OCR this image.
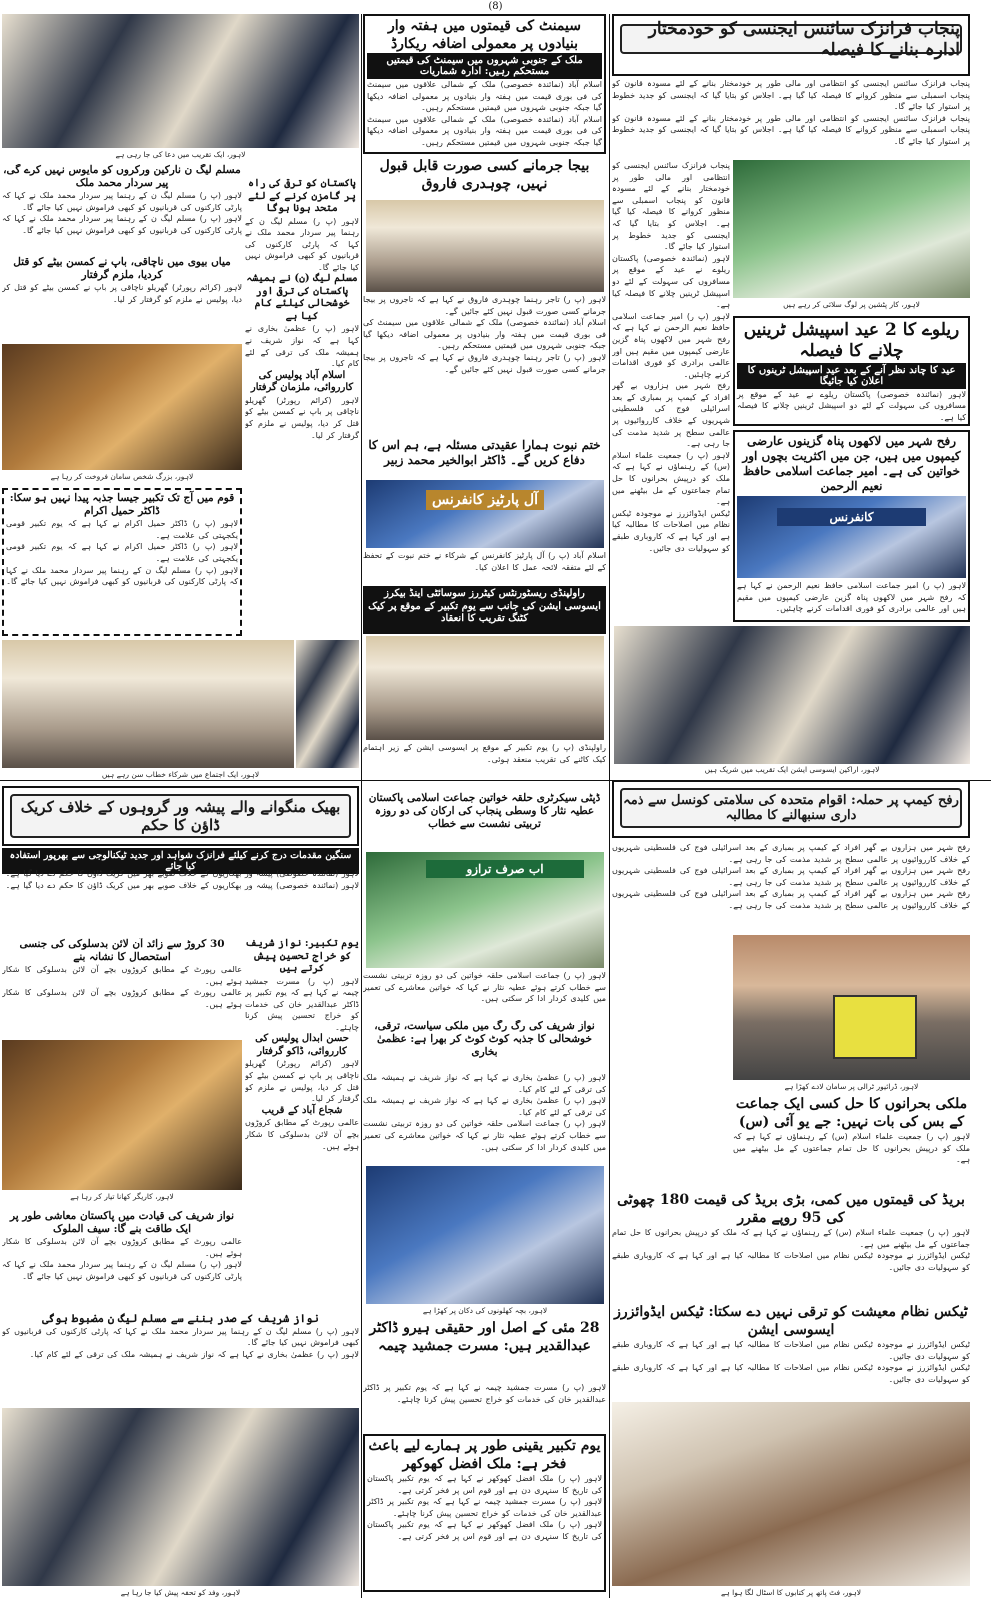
(8)
پنجاب فرانزک سائنس ایجنسی کو خودمختار ادارہ بنانے کا فیصلہ
پنجاب فرانزک سائنس ایجنسی کو انتظامی اور مالی طور پر خودمختار بنانے کے لئے مسودہ قانون کو پنجاب اسمبلی سے منظور کروانے کا فیصلہ کیا گیا ہے۔ اجلاس کو بتایا گیا کہ ایجنسی کو جدید خطوط پر استوار کیا جائے گا۔
پنجاب فرانزک سائنس ایجنسی کو انتظامی اور مالی طور پر خودمختار بنانے کے لئے مسودہ قانون کو پنجاب اسمبلی سے منظور کروانے کا فیصلہ کیا گیا ہے۔ اجلاس کو بتایا گیا کہ ایجنسی کو جدید خطوط پر استوار کیا جائے گا۔
پنجاب فرانزک سائنس ایجنسی کو انتظامی اور مالی طور پر خودمختار بنانے کے لئے مسودہ قانون کو پنجاب اسمبلی سے منظور کروانے کا فیصلہ کیا گیا ہے۔ اجلاس کو بتایا گیا کہ ایجنسی کو جدید خطوط پر استوار کیا جائے گا۔
لاہور (نمائندہ خصوصی) پاکستان ریلوے نے عید کے موقع پر مسافروں کی سہولت کے لئے دو اسپیشل ٹرینیں چلانے کا فیصلہ کیا ہے۔
لاہور (پ ر) امیر جماعت اسلامی حافظ نعیم الرحمن نے کہا ہے کہ رفح شہر میں لاکھوں پناہ گزین عارضی کیمپوں میں مقیم ہیں اور عالمی برادری کو فوری اقدامات کرنے چاہئیں۔
رفح شہر میں ہزاروں بے گھر افراد کے کیمپ پر بمباری کے بعد اسرائیلی فوج کی فلسطینی شہریوں کے خلاف کارروائیوں پر عالمی سطح پر شدید مذمت کی جا رہی ہے۔
لاہور (پ ر) جمعیت علماء اسلام (س) کے رہنماؤں نے کہا ہے کہ ملک کو درپیش بحرانوں کا حل تمام جماعتوں کے مل بیٹھنے میں ہے۔
ٹیکس ایڈوائزرز نے موجودہ ٹیکس نظام میں اصلاحات کا مطالبہ کیا ہے اور کہا ہے کہ کاروباری طبقے کو سہولیات دی جائیں۔
لاہور، کار پٹشین پر لوگ سلائی کر رہے ہیں
ریلوے کا 2 عید اسپیشل ٹرینیں چلانے کا فیصلہ
عید کا چاند نظر آنے کے بعد عید اسپیشل ٹرینوں کا اعلان کیا جائیگا
لاہور (نمائندہ خصوصی) پاکستان ریلوے نے عید کے موقع پر مسافروں کی سہولت کے لئے دو اسپیشل ٹرینیں چلانے کا فیصلہ کیا ہے۔
رفح شہر میں لاکھوں پناہ گزینوں عارضی کیمپوں میں ہیں، جن میں اکثریت بچوں اور خواتین کی ہے۔ امیر جماعت اسلامی حافظ نعیم الرحمن
کانفرنس
لاہور (پ ر) امیر جماعت اسلامی حافظ نعیم الرحمن نے کہا ہے کہ رفح شہر میں لاکھوں پناہ گزین عارضی کیمپوں میں مقیم ہیں اور عالمی برادری کو فوری اقدامات کرنے چاہئیں۔
لاہور، اراکین ایسوسی ایشن ایک تقریب میں شریک ہیں
رفح کیمپ پر حملہ: اقوام متحدہ کی سلامتی کونسل سے ذمہ داری سنبھالنے کا مطالبہ
رفح شہر میں ہزاروں بے گھر افراد کے کیمپ پر بمباری کے بعد اسرائیلی فوج کی فلسطینی شہریوں کے خلاف کارروائیوں پر عالمی سطح پر شدید مذمت کی جا رہی ہے۔
رفح شہر میں ہزاروں بے گھر افراد کے کیمپ پر بمباری کے بعد اسرائیلی فوج کی فلسطینی شہریوں کے خلاف کارروائیوں پر عالمی سطح پر شدید مذمت کی جا رہی ہے۔
رفح شہر میں ہزاروں بے گھر افراد کے کیمپ پر بمباری کے بعد اسرائیلی فوج کی فلسطینی شہریوں کے خلاف کارروائیوں پر عالمی سطح پر شدید مذمت کی جا رہی ہے۔
لاہور، ڈرائیور ٹرالی پر سامان لادے کھڑا ہے
ملکی بحرانوں کا حل کسی ایک جماعت کے بس کی بات نہیں: جے یو آئی (س)
لاہور (پ ر) جمعیت علماء اسلام (س) کے رہنماؤں نے کہا ہے کہ ملک کو درپیش بحرانوں کا حل تمام جماعتوں کے مل بیٹھنے میں ہے۔
بریڈ کی قیمتوں میں کمی، بڑی بریڈ کی قیمت 180 چھوٹی کی 95 روپے مقرر
لاہور (پ ر) جمعیت علماء اسلام (س) کے رہنماؤں نے کہا ہے کہ ملک کو درپیش بحرانوں کا حل تمام جماعتوں کے مل بیٹھنے میں ہے۔
ٹیکس ایڈوائزرز نے موجودہ ٹیکس نظام میں اصلاحات کا مطالبہ کیا ہے اور کہا ہے کہ کاروباری طبقے کو سہولیات دی جائیں۔
ٹیکس نظام معیشت کو ترقی نہیں دے سکتا: ٹیکس ایڈوائزرز ایسوسی ایشن
ٹیکس ایڈوائزرز نے موجودہ ٹیکس نظام میں اصلاحات کا مطالبہ کیا ہے اور کہا ہے کہ کاروباری طبقے کو سہولیات دی جائیں۔
ٹیکس ایڈوائزرز نے موجودہ ٹیکس نظام میں اصلاحات کا مطالبہ کیا ہے اور کہا ہے کہ کاروباری طبقے کو سہولیات دی جائیں۔
لاہور، فٹ پاتھ پر کتابوں کا اسٹال لگا ہوا ہے
سیمنٹ کی قیمتوں میں ہفتہ وار بنیادوں پر معمولی اضافہ ریکارڈ
ملک کے جنوبی شہروں میں سیمنٹ کی قیمتیں مستحکم رہیں: ادارہ شماریات
اسلام آباد (نمائندہ خصوصی) ملک کے شمالی علاقوں میں سیمنٹ کی فی بوری قیمت میں ہفتہ وار بنیادوں پر معمولی اضافہ دیکھا گیا جبکہ جنوبی شہروں میں قیمتیں مستحکم رہیں۔
اسلام آباد (نمائندہ خصوصی) ملک کے شمالی علاقوں میں سیمنٹ کی فی بوری قیمت میں ہفتہ وار بنیادوں پر معمولی اضافہ دیکھا گیا جبکہ جنوبی شہروں میں قیمتیں مستحکم رہیں۔
بیجا جرمانے کسی صورت قابل قبول نہیں، چوہدری فاروق
لاہور (پ ر) تاجر رہنما چوہدری فاروق نے کہا ہے کہ تاجروں پر بیجا جرمانے کسی صورت قبول نہیں کئے جائیں گے۔
اسلام آباد (نمائندہ خصوصی) ملک کے شمالی علاقوں میں سیمنٹ کی فی بوری قیمت میں ہفتہ وار بنیادوں پر معمولی اضافہ دیکھا گیا جبکہ جنوبی شہروں میں قیمتیں مستحکم رہیں۔
لاہور (پ ر) تاجر رہنما چوہدری فاروق نے کہا ہے کہ تاجروں پر بیجا جرمانے کسی صورت قبول نہیں کئے جائیں گے۔
ختم نبوت ہمارا عقیدتی مسئلہ ہے، ہم اس کا دفاع کریں گے۔ ڈاکٹر ابوالخیر محمد زبیر
آل پارٹیز کانفرنس
اسلام آباد (پ ر) آل پارٹیز کانفرنس کے شرکاء نے ختم نبوت کے تحفظ کے لئے متفقہ لائحہ عمل کا اعلان کیا۔
راولپنڈی ریسٹورنٹس کیٹررز سوسائٹی اینڈ بیکرز ایسوسی ایشن کی جانب سے یوم تکبیر کے موقع پر کیک کٹنگ تقریب کا انعقاد
راولپنڈی (پ ر) یوم تکبیر کے موقع پر ایسوسی ایشن کے زیر اہتمام کیک کاٹنے کی تقریب منعقد ہوئی۔
ڈپٹی سیکرٹری حلقہ خواتین جماعت اسلامی پاکستان عطیہ نثار کا وسطی پنجاب کی ارکان کی دو روزہ تربیتی نشست سے خطاب
اب صرف ترازو
لاہور (پ ر) جماعت اسلامی حلقہ خواتین کی دو روزہ تربیتی نشست سے خطاب کرتے ہوئے عطیہ نثار نے کہا کہ خواتین معاشرے کی تعمیر میں کلیدی کردار ادا کر سکتی ہیں۔
نواز شریف کی رگ رگ میں ملکی سیاست، ترقی، خوشحالی کا جذبہ کوٹ کوٹ کر بھرا ہے: عظمیٰ بخاری
لاہور (پ ر) عظمیٰ بخاری نے کہا ہے کہ نواز شریف نے ہمیشہ ملک کی ترقی کے لئے کام کیا۔
لاہور (پ ر) عظمیٰ بخاری نے کہا ہے کہ نواز شریف نے ہمیشہ ملک کی ترقی کے لئے کام کیا۔
لاہور (پ ر) جماعت اسلامی حلقہ خواتین کی دو روزہ تربیتی نشست سے خطاب کرتے ہوئے عطیہ نثار نے کہا کہ خواتین معاشرے کی تعمیر میں کلیدی کردار ادا کر سکتی ہیں۔
لاہور، بچہ کھلونوں کی دکان پر کھڑا ہے
28 مئی کے اصل اور حقیقی ہیرو ڈاکٹر عبدالقدیر ہیں: مسرت جمشید چیمہ
لاہور (پ ر) مسرت جمشید چیمہ نے کہا ہے کہ یوم تکبیر پر ڈاکٹر عبدالقدیر خان کی خدمات کو خراج تحسین پیش کرنا چاہئے۔
یوم تکبیر یقینی طور پر ہمارے لیے باعث فخر ہے: ملک افضل کھوکھر
لاہور (پ ر) ملک افضل کھوکھر نے کہا ہے کہ یوم تکبیر پاکستان کی تاریخ کا سنہری دن ہے اور قوم اس پر فخر کرتی ہے۔
لاہور (پ ر) مسرت جمشید چیمہ نے کہا ہے کہ یوم تکبیر پر ڈاکٹر عبدالقدیر خان کی خدمات کو خراج تحسین پیش کرنا چاہئے۔
لاہور (پ ر) ملک افضل کھوکھر نے کہا ہے کہ یوم تکبیر پاکستان کی تاریخ کا سنہری دن ہے اور قوم اس پر فخر کرتی ہے۔
پاکستان کو ترقی کی راہ پر گامزن کرنے کے لئے متحد ہونا ہوگا
لاہور (پ ر) مسلم لیگ ن کے رہنما پیر سردار محمد ملک نے کہا کہ پارٹی کارکنوں کی قربانیوں کو کبھی فراموش نہیں کیا جائے گا۔
مسلم لیگ (ن) نے ہمیشہ پاکستان کی ترقی اور خوشحالی کیلئے کام کیا ہے
لاہور (پ ر) عظمیٰ بخاری نے کہا ہے کہ نواز شریف نے ہمیشہ ملک کی ترقی کے لئے کام کیا۔
اسلام آباد پولیس کی کارروائی، ملزمان گرفتار
لاہور (کرائم رپورٹر) گھریلو ناچاقی پر باپ نے کمسن بیٹے کو قتل کر دیا، پولیس نے ملزم کو گرفتار کر لیا۔
یوم تکبیر: نواز شریف کو خراج تحسین پیش کرتے ہیں
لاہور (پ ر) مسرت جمشید چیمہ نے کہا ہے کہ یوم تکبیر پر ڈاکٹر عبدالقدیر خان کی خدمات کو خراج تحسین پیش کرنا چاہئے۔
حسن ابدال پولیس کی کارروائی، ڈاکو گرفتار
لاہور (کرائم رپورٹر) گھریلو ناچاقی پر باپ نے کمسن بیٹے کو قتل کر دیا، پولیس نے ملزم کو گرفتار کر لیا۔
شجاع آباد کے قریب
عالمی رپورٹ کے مطابق کروڑوں بچے آن لائن بدسلوکی کا شکار ہوئے ہیں۔
لاہور، ایک تقریب میں دعا کی جا رہی ہے
مسلم لیگ ن نارکین ورکروں کو مایوس نہیں کرے گی، پیر سردار محمد ملک
لاہور (پ ر) مسلم لیگ ن کے رہنما پیر سردار محمد ملک نے کہا کہ پارٹی کارکنوں کی قربانیوں کو کبھی فراموش نہیں کیا جائے گا۔
لاہور (پ ر) مسلم لیگ ن کے رہنما پیر سردار محمد ملک نے کہا کہ پارٹی کارکنوں کی قربانیوں کو کبھی فراموش نہیں کیا جائے گا۔
میاں بیوی میں ناچاقی، باپ نے کمسن بیٹے کو قتل کردیا، ملزم گرفتار
لاہور (کرائم رپورٹر) گھریلو ناچاقی پر باپ نے کمسن بیٹے کو قتل کر دیا، پولیس نے ملزم کو گرفتار کر لیا۔
لاہور، بزرگ شخص سامان فروخت کر رہا ہے
قوم میں آج تک تکبیر جیسا جذبہ پیدا نہیں ہو سکا: ڈاکٹر حمیل اکرام
لاہور (پ ر) ڈاکٹر حمیل اکرام نے کہا ہے کہ یوم تکبیر قومی یکجہتی کی علامت ہے۔
لاہور (پ ر) ڈاکٹر حمیل اکرام نے کہا ہے کہ یوم تکبیر قومی یکجہتی کی علامت ہے۔
لاہور (پ ر) مسلم لیگ ن کے رہنما پیر سردار محمد ملک نے کہا کہ پارٹی کارکنوں کی قربانیوں کو کبھی فراموش نہیں کیا جائے گا۔
لاہور، ایک اجتماع میں شرکاء خطاب سن رہے ہیں
بھیک منگوانے والے پیشہ ور گروہوں کے خلاف کریک ڈاؤن کا حکم
سنگین مقدمات درج کرنے کیلئے فرانزک شواہد اور جدید ٹیکنالوجی سے بھرپور استفادہ کیا جائے
لاہور (نمائندہ خصوصی) پیشہ ور بھکاریوں کے خلاف صوبے بھر میں کریک ڈاؤن کا حکم دے دیا گیا ہے۔
لاہور (نمائندہ خصوصی) پیشہ ور بھکاریوں کے خلاف صوبے بھر میں کریک ڈاؤن کا حکم دے دیا گیا ہے۔
30 کروڑ سے زائد آن لائن بدسلوکی کی جنسی استحصال کا نشانہ بنے
عالمی رپورٹ کے مطابق کروڑوں بچے آن لائن بدسلوکی کا شکار ہوئے ہیں۔
عالمی رپورٹ کے مطابق کروڑوں بچے آن لائن بدسلوکی کا شکار ہوئے ہیں۔
لاہور، کاریگر کھانا تیار کر رہا ہے
نواز شریف کی قیادت میں پاکستان معاشی طور پر ایک طاقت بنے گا: سیف الملوک
عالمی رپورٹ کے مطابق کروڑوں بچے آن لائن بدسلوکی کا شکار ہوئے ہیں۔
لاہور (پ ر) مسلم لیگ ن کے رہنما پیر سردار محمد ملک نے کہا کہ پارٹی کارکنوں کی قربانیوں کو کبھی فراموش نہیں کیا جائے گا۔
نواز شریف کے صدر بننے سے مسلم لیگ ن مضبوط ہوگی
لاہور (پ ر) مسلم لیگ ن کے رہنما پیر سردار محمد ملک نے کہا کہ پارٹی کارکنوں کی قربانیوں کو کبھی فراموش نہیں کیا جائے گا۔
لاہور (پ ر) عظمیٰ بخاری نے کہا ہے کہ نواز شریف نے ہمیشہ ملک کی ترقی کے لئے کام کیا۔
لاہور، وفد کو تحفہ پیش کیا جا رہا ہے
